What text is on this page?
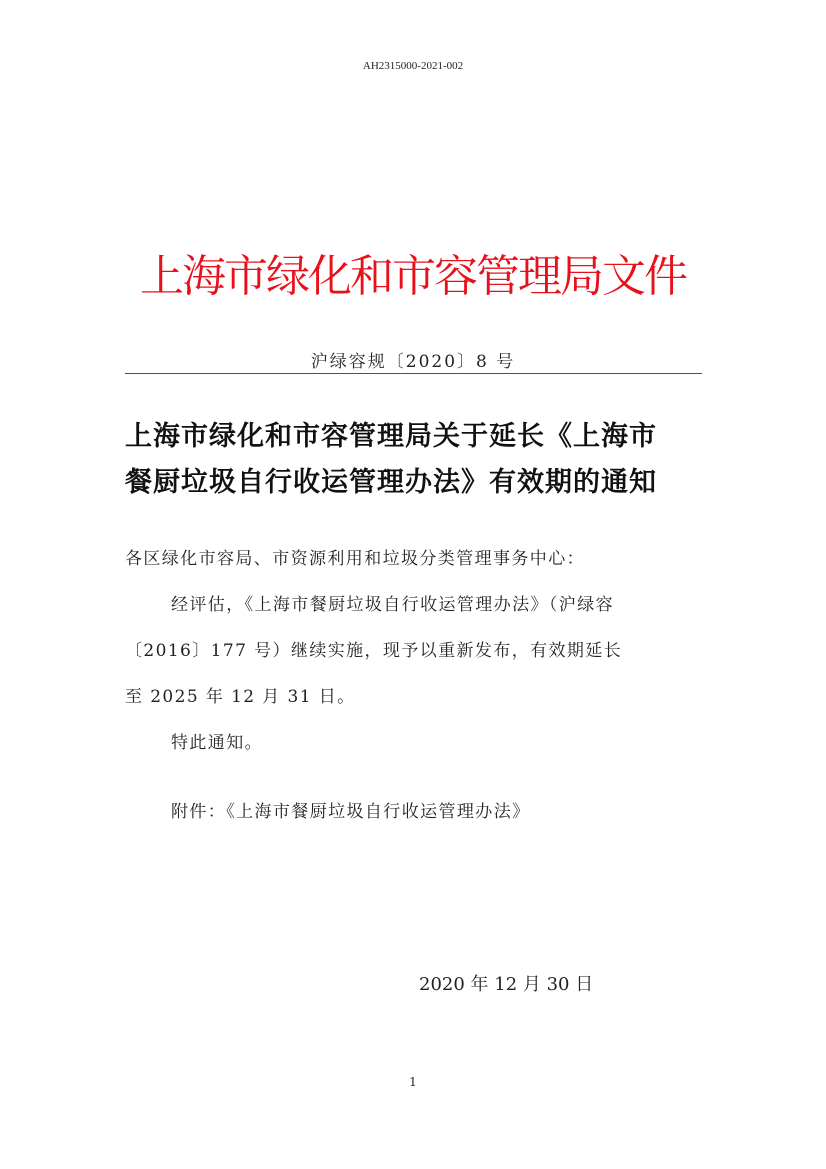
AH2315000-2021-002
上海市绿化和市容管理局文件
沪绿容规〔2020〕8 号
上海市绿化和市容管理局关于延长《上海市
餐厨垃圾自行收运管理办法》有效期的通知

各区绿化市容局、市资源利用和垃圾分类管理事务中心：

经评估，《上海市餐厨垃圾自行收运管理办法》（沪绿容

〔2016〕177 号）继续实施，现予以重新发布，有效期延长

至 2025 年 12 月 31 日。

特此通知。

附件：《上海市餐厨垃圾自行收运管理办法》
2020 年 12 月 30 日
1
